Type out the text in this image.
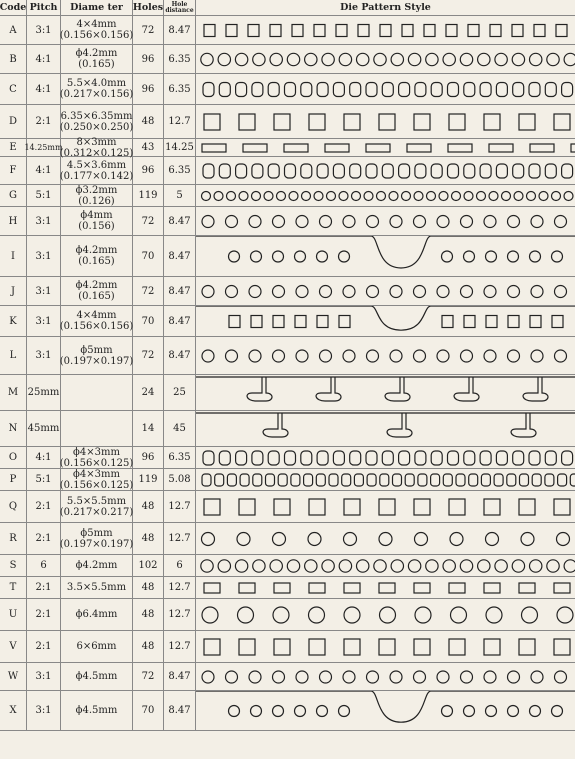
Code Pitch	Diame ter	Holes Hole
distance	Die Pattern Style
A	3:1	4×4mm
(0.156×0.156) 72	8.47
B	4:1	ϕ4.2mm
(0.165)	96	6.35
C	4:1	5.5×4.0mm
(0.217×0.156) 96	6.35
D	2:1 6.35×6.35mm
(0.250×0.250) 48	12.7
E 14.25mm 8×3mm
(0.312×0.125) 43	14.25
F	4:1	4.5×3.6mm
(0.177×0.142) 96	6.35
G	5:1	ϕ3.2mm
(0.126)	119	5
H	3:1	ϕ4mm
(0.156)	72	8.47
I	3:1	ϕ4.2mm
(0.165)	70	8.47
J	3:1	ϕ4.2mm
(0.165)	72	8.47
K	3:1	4×4mm
(0.156×0.156) 70	8.47
L	3:1	ϕ5mm
(0.197×0.197) 72	8.47
M 25mm	24	25
N	45mm	14	45
O	4:1	ϕ4×3mm
(0.156×0.125) 96	6.35
P	5:1	ϕ4×3mm
(0.156×0.125) 119	5.08
Q	2:1	5.5×5.5mm
(0.217×0.217) 48	12.7
R	2:1	ϕ5mm
(0.197×0.197) 48	12.7
S	6	ϕ4.2mm	102	6
T	2:1	3.5×5.5mm	48	12.7
U	2:1	ϕ6.4mm	48	12.7
V	2:1	6×6mm	48	12.7
W	3:1	ϕ4.5mm	72	8.47
X	3:1	ϕ4.5mm	70	8.47
